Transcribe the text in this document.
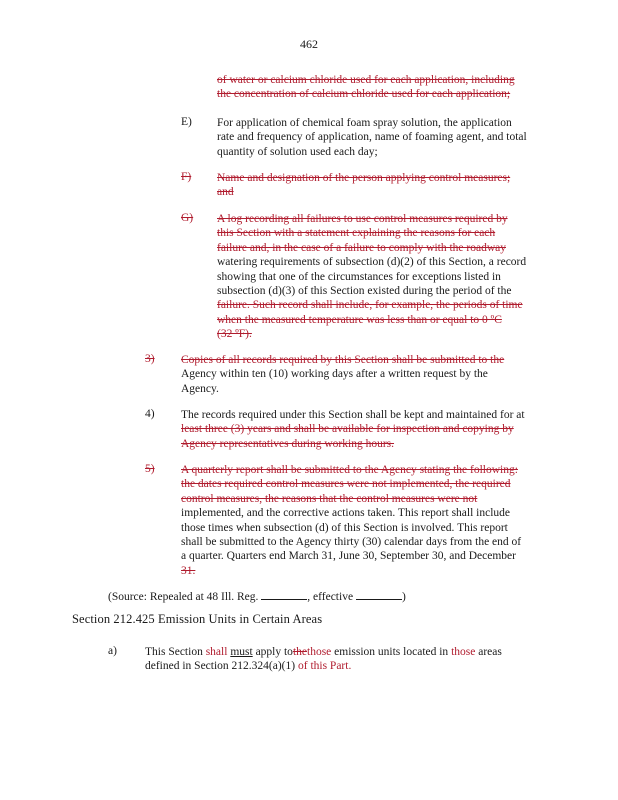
462
of water or calcium chloride used for each application, including
the concentration of calcium chloride used for each application;
E) For application of chemical foam spray solution, the application
rate and frequency of application, name of foaming agent, and total
quantity of solution used each day;
F) Name and designation of the person applying control measures;
and
G) A log recording all failures to use control measures required by
this Section with a statement explaining the reasons for each
failure and, in the case of a failure to comply with the roadway
watering requirements of subsection (d)(2) of this Section, a record
showing that one of the circumstances for exceptions listed in
subsection (d)(3) of this Section existed during the period of the
failure. Such record shall include, for example, the periods of time
when the measured temperature was less than or equal to 0 ºC
(32 ºF).
3) Copies of all records required by this Section shall be submitted to the
Agency within ten (10) working days after a written request by the
Agency.
4) The records required under this Section shall be kept and maintained for at
least three (3) years and shall be available for inspection and copying by
Agency representatives during working hours.
5) A quarterly report shall be submitted to the Agency stating the following:
the dates required control measures were not implemented, the required
control measures, the reasons that the control measures were not
implemented, and the corrective actions taken. This report shall include
those times when subsection (d) of this Section is involved. This report
shall be submitted to the Agency thirty (30) calendar days from the end of
a quarter. Quarters end March 31, June 30, September 30, and December
31.
(Source: Repealed at 48 Ill. Reg.	, effective	)
Section 212.425 Emission Units in Certain Areas
a) This Section shall must apply tothethose emission units located in those areas
defined in Section 212.324(a)(1) of this Part.
